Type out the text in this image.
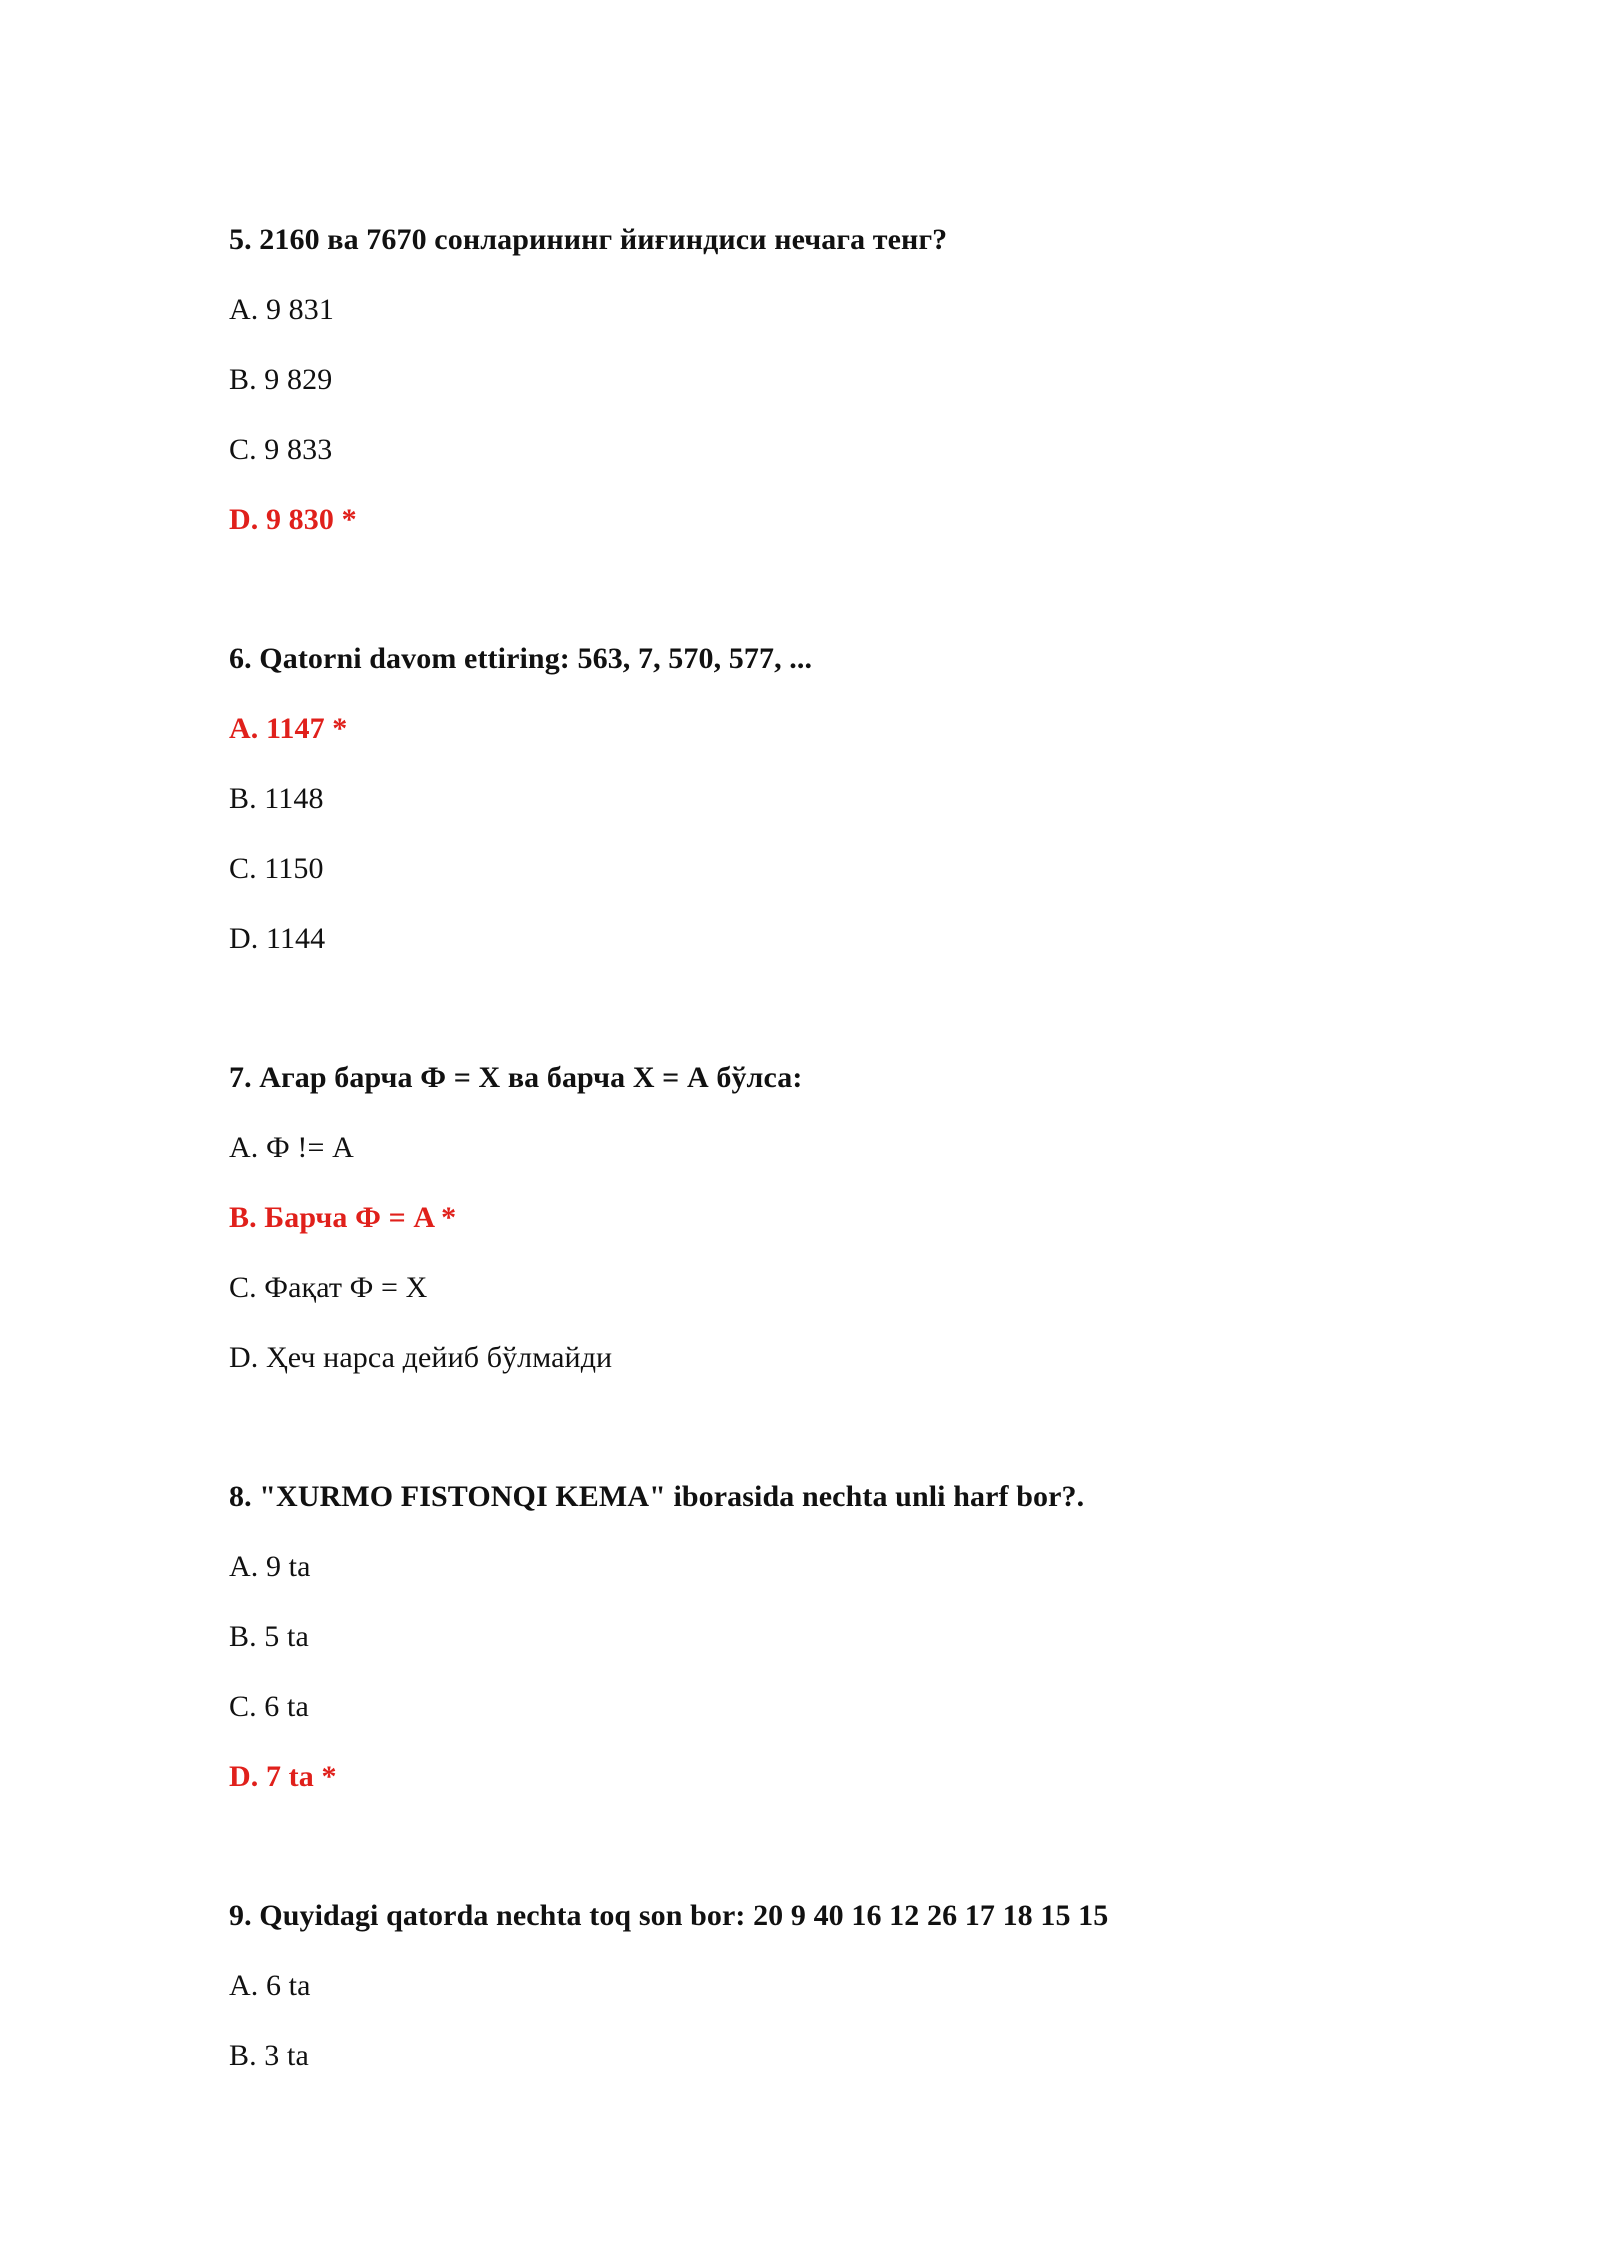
5. 2160 ва 7670 сонларининг йиғиндиси нечага тенг?
A. 9 831
B. 9 829
C. 9 833
D. 9 830 *
6. Qatorni davom ettiring: 563, 7, 570, 577, ...
A. 1147 *
B. 1148
C. 1150
D. 1144
7. Агар барча Ф = Х ва барча Х = А бўлса:
A. Ф != A
B. Барча Ф = A *
C. Фақат Ф = Х
D. Ҳеч нарса дейиб бўлмайди
8. "XURMO FISTONQI KEMA" iborasida nechta unli harf bor?.
A. 9 ta
B. 5 ta
C. 6 ta
D. 7 ta *
9. Quyidagi qatorda nechta toq son bor: 20 9 40 16 12 26 17 18 15 15
A. 6 ta
B. 3 ta
